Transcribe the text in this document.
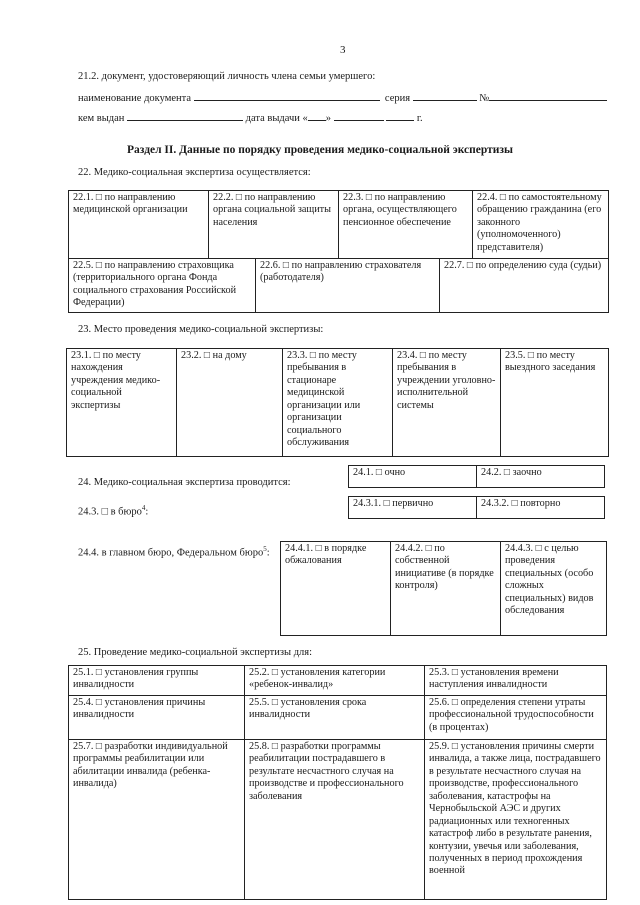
3
21.2. документ, удостоверяющий личность члена семьи умершего:
наименование документа	серия	№
кем выдан	дата выдачи « »	г.
Раздел II. Данные по порядку проведения медико-социальной экспертизы
22. Медико-социальная экспертиза осуществляется:
22.1. □ по направлению медицинской организации	22.2. □ по направлению органа социальной защиты населения	22.3. □ по направлению органа, осуществляющего пенсионное обеспечение	22.4. □ по самостоятельному обращению гражданина (его законного (уполномоченного) представителя)
22.5. □ по направлению страховщика (территориального органа Фонда социального страхования Российской Федерации)	22.6. □ по направлению страхователя (работодателя)	22.7. □ по определению суда (судьи)
23. Место проведения медико-социальной экспертизы:
23.1. □ по месту нахождения учреждения медико-социальной экспертизы	23.2. □ на дому	23.3. □ по месту пребывания в стационаре медицинской организации или организации социального обслуживания	23.4. □ по месту пребывания в учреждении уголовно-исполнительной системы	23.5. □ по месту выездного заседания
24. Медико-социальная экспертиза проводится:
24.1. □ очно	24.2. □ заочно
24.3. □ в бюро$^4$:
24.3.1. □ первично	24.3.2. □ повторно
24.4. в главном бюро, Федеральном бюро$^5$: 24.4.1. □ в порядке обжалования	24.4.2. □ по собственной инициативе (в порядке контроля)	24.4.3. □ с целью проведения специальных (особо сложных специальных) видов обследования
25. Проведение медико-социальной экспертизы для:
25.1. □ установления группы инвалидности	25.2. □ установления категории «ребенок-инвалид»	25.3. □ установления времени наступления инвалидности
25.4. □ установления причины инвалидности	25.5. □ установления срока инвалидности	25.6. □ определения степени утраты профессиональной трудоспособности (в процентах)
25.7. □ разработки индивидуальной программы реабилитации или абилитации инвалида (ребенка-инвалида)	25.8. □ разработки программы реабилитации пострадавшего в результате несчастного случая на производстве и профессионального заболевания	25.9. □ установления причины смерти инвалида, а также лица, пострадавшего в результате несчастного случая на производстве, профессионального заболевания, катастрофы на Чернобыльской АЭС и других радиационных или техногенных катастроф либо в результате ранения, контузии, увечья или заболевания, полученных в период прохождения военной
